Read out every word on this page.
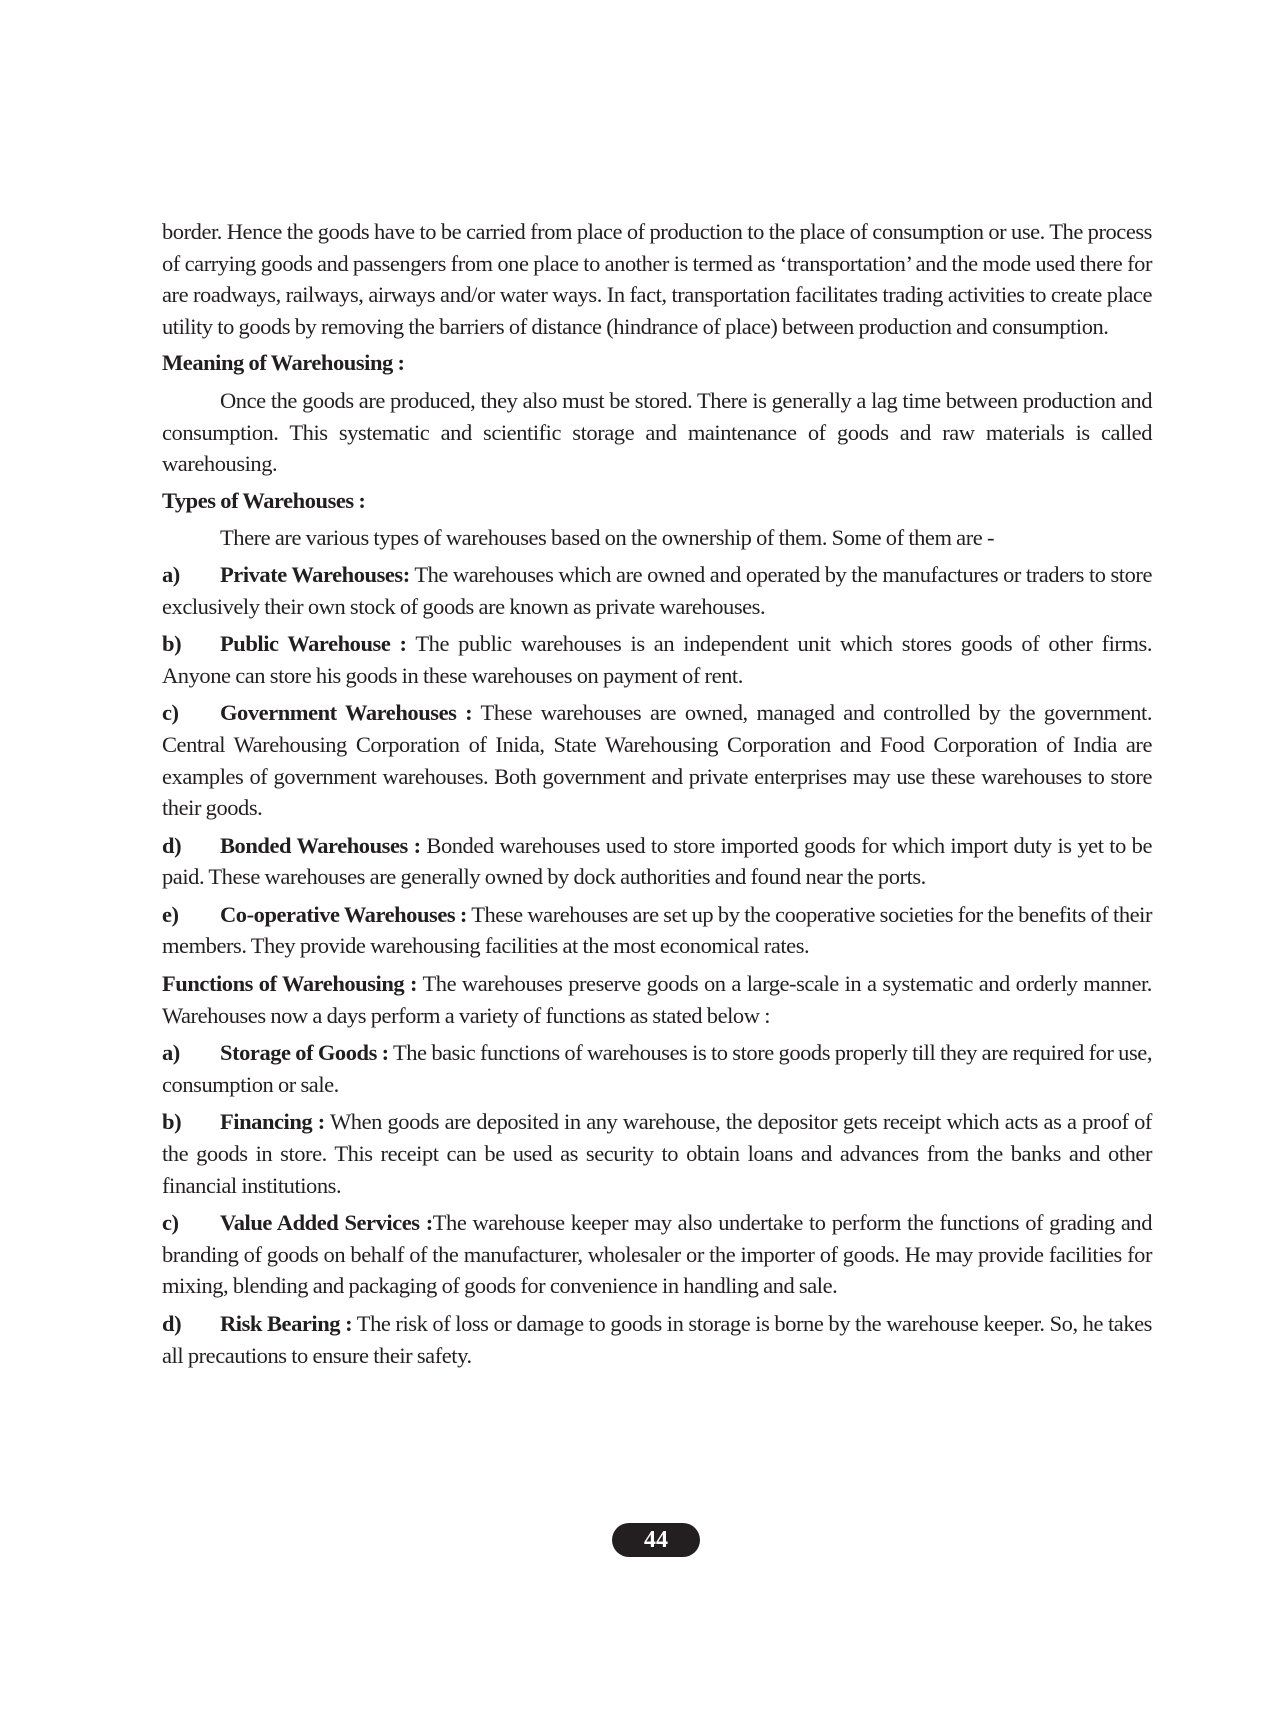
border. Hence the goods have to be carried from place of production to the place of consumption or use. The process of carrying goods and passengers from one place to another is termed as ‘transportation’ and the mode used there for are roadways, railways, airways and/or water ways. In fact, transportation facilitates trading activities to create place utility to goods by removing the barriers of distance (hindrance of place) between production and consumption.

Meaning of Warehousing :

Once the goods are produced, they also must be stored. There is generally a lag time between production and consumption. This systematic and scientific storage and maintenance of goods and raw materials is called warehousing.

Types of Warehouses :

There are various types of warehouses based on the ownership of them. Some of them are -

a) Private Warehouses: The warehouses which are owned and operated by the manufactures or traders to store exclusively their own stock of goods are known as private warehouses.

b) Public Warehouse : The public warehouses is an independent unit which stores goods of other firms. Anyone can store his goods in these warehouses on payment of rent.

c) Government Warehouses : These warehouses are owned, managed and controlled by the government. Central Warehousing Corporation of Inida, State Warehousing Corporation and Food Corporation of India are examples of government warehouses. Both government and private enterprises may use these warehouses to store their goods.

d) Bonded Warehouses : Bonded warehouses used to store imported goods for which import duty is yet to be paid. These warehouses are generally owned by dock authorities and found near the ports.

e) Co-operative Warehouses : These warehouses are set up by the cooperative societies for the benefits of their members. They provide warehousing facilities at the most economical rates.

Functions of Warehousing : The warehouses preserve goods on a large-scale in a systematic and orderly manner. Warehouses now a days perform a variety of functions as stated below :

a) Storage of Goods : The basic functions of warehouses is to store goods properly till they are required for use, consumption or sale.

b) Financing : When goods are deposited in any warehouse, the depositor gets receipt which acts as a proof of the goods in store. This receipt can be used as security to obtain loans and advances from the banks and other financial institutions.

c) Value Added Services :The warehouse keeper may also undertake to perform the functions of grading and branding of goods on behalf of the manufacturer, wholesaler or the importer of goods. He may provide facilities for mixing, blending and packaging of goods for convenience in handling and sale.

d) Risk Bearing : The risk of loss or damage to goods in storage is borne by the warehouse keeper. So, he takes all precautions to ensure their safety.

44
